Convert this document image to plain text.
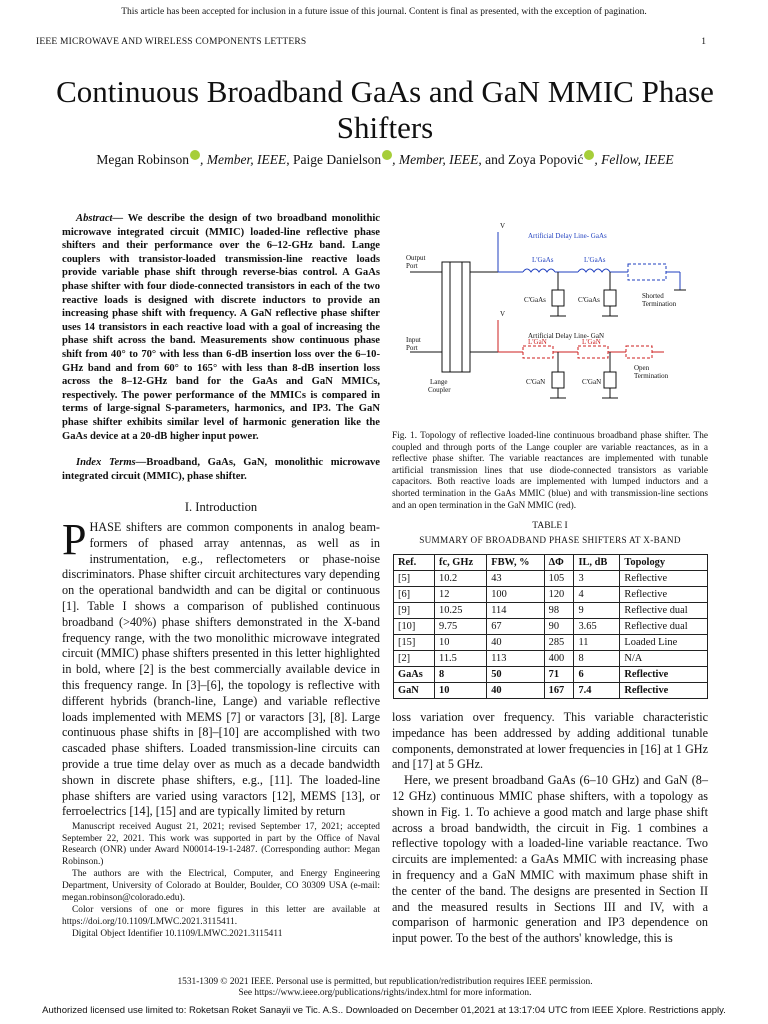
This article has been accepted for inclusion in a future issue of this journal. Content is final as presented, with the exception of pagination.
IEEE MICROWAVE AND WIRELESS COMPONENTS LETTERS	1
Continuous Broadband GaAs and GaN MMIC Phase Shifters
Megan Robinson , Member, IEEE, Paige Danielson , Member, IEEE, and Zoya Popović , Fellow, IEEE
Abstract— We describe the design of two broadband monolithic microwave integrated circuit (MMIC) loaded-line reflective phase shifters and their performance over the 6–12-GHz band. Lange couplers with transistor-loaded transmission-line reactive loads provide variable phase shift through reverse-bias control. A GaAs phase shifter with four diode-connected transistors in each of the two reactive loads is designed with discrete inductors to provide an increasing phase shift with frequency. A GaN reflective phase shifter uses 14 transistors in each reactive load with a goal of increasing the phase shift across the band. Measurements show continuous phase shift from 40° to 70° with less than 6-dB insertion loss over the 6–10-GHz band and from 60° to 165° with less than 8-dB insertion loss across the 8–12-GHz band for the GaAs and GaN MMICs, respectively. The power performance of the MMICs is compared in terms of large-signal S-parameters, harmonics, and IP3. The GaN phase shifter exhibits similar level of harmonic generation like the GaAs device at a 20-dB higher input power.
Index Terms—Broadband, GaAs, GaN, monolithic microwave integrated circuit (MMIC), phase shifter.
I. Introduction
PHASE shifters are common components in analog beam-formers of phased array antennas, as well as in instrumentation, e.g., reflectometers or phase-noise discriminators. Phase shifter circuit architectures vary depending on the operational bandwidth and can be digital or continuous [1]. Table I shows a comparison of published continuous broadband (>40%) phase shifters demonstrated in the X-band frequency range, with the two monolithic microwave integrated circuit (MMIC) phase shifters presented in this letter highlighted in bold, where [2] is the best commercially available device in this frequency range. In [3]–[6], the topology is reflective with different hybrids (branch-line, Lange) and variable reflective loads implemented with MEMS [7] or varactors [3], [8]. Large continuous phase shifts in [8]–[10] are accomplished with two cascaded phase shifters. Loaded transmission-line circuits can provide a true time delay over as much as a decade bandwidth shown in discrete phase shifters, e.g., [11]. The loaded-line phase shifters are varied using varactors [12], MEMS [13], or ferroelectrics [14], [15] and are typically limited by return

Manuscript received August 21, 2021; revised September 17, 2021; accepted September 22, 2021. This work was supported in part by the Office of Naval Research (ONR) under Award N00014-19-1-2487. (Corresponding author: Megan Robinson.)

The authors are with the Electrical, Computer, and Energy Engineering Department, University of Colorado at Boulder, Boulder, CO 30309 USA (e-mail: megan.robinson@colorado.edu).

Color versions of one or more figures in this letter are available at https://doi.org/10.1109/LMWC.2021.3115411.

Digital Object Identifier 10.1109/LMWC.2021.3115411

Output
Port
Input
Port
Lange
Coupler
Artificial Delay Line- GaAs
Artificial Delay Line- GaN
V
V
L'GaAs	L'GaAs
C'GaAs	C'GaAs	Shorted
Termination
L'GaN	L'GaN
C'GaN	C'GaN
Open
Termination
Fig. 1. Topology of reflective loaded-line continuous broadband phase shifter. The coupled and through ports of the Lange coupler are variable reactances, as in a reflective phase shifter. The variable reactances are implemented with tunable artificial transmission lines that use diode-connected transistors as variable capacitors. Both reactive loads are implemented with lumped inductors and a shorted termination in the GaAs MMIC (blue) and with transmission-line sections and an open termination in the GaN MMIC (red).
TABLE I
SUMMARY OF BROADBAND PHASE SHIFTERS AT X-BAND
Ref.	fc, GHz	FBW, %	ΔΦ	IL, dB	Topology
[5]	10.2	43	105	3	Reflective
[6]	12	100	120	4	Reflective
[9]	10.25	114	98	9	Reflective dual
[10]	9.75	67	90	3.65	Reflective dual
[15]	10	40	285	11	Loaded Line
[2]	11.5	113	400	8	N/A
GaAs	8	50	71	6	Reflective
GaN	10	40	167	7.4	Reflective

loss variation over frequency. This variable characteristic impedance has been addressed by adding additional tunable components, demonstrated at lower frequencies in [16] at 1 GHz and [17] at 5 GHz.

Here, we present broadband GaAs (6–10 GHz) and GaN (8–12 GHz) continuous MMIC phase shifters, with a topology as shown in Fig. 1. To achieve a good match and large phase shift across a broad bandwidth, the circuit in Fig. 1 combines a reflective topology with a loaded-line variable reactance. Two circuits are implemented: a GaAs MMIC with increasing phase in frequency and a GaN MMIC with maximum phase shift in the center of the band. The designs are presented in Section II and the measured results in Sections III and IV, with a comparison of harmonic generation and IP3 dependence on input power. To the best of the authors' knowledge, this is

1531-1309 © 2021 IEEE. Personal use is permitted, but republication/redistribution requires IEEE permission.
See https://www.ieee.org/publications/rights/index.html for more information.
Authorized licensed use limited to: Roketsan Roket Sanayii ve Tic. A.S.. Downloaded on December 01,2021 at 13:17:04 UTC from IEEE Xplore. Restrictions apply.
